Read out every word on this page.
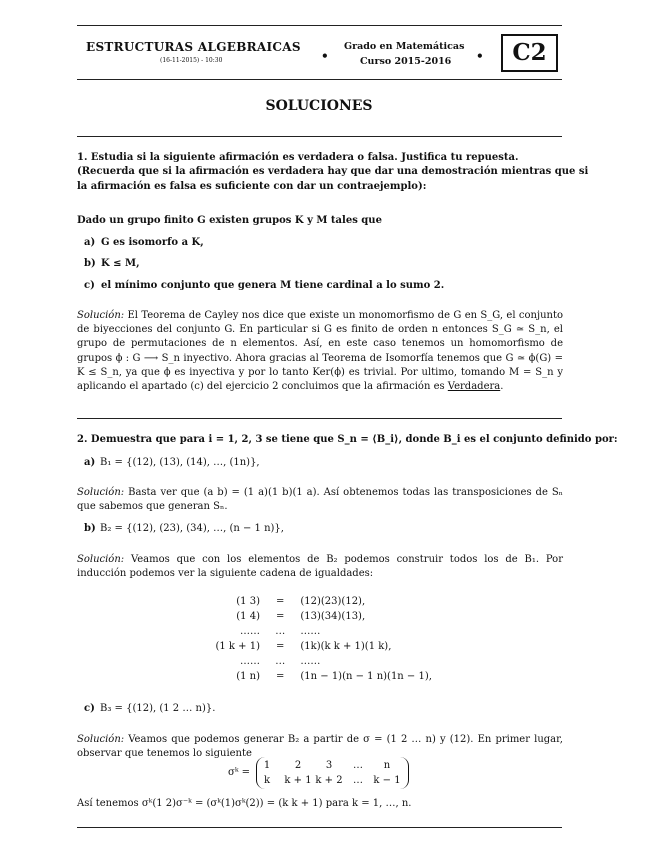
ESTRUCTURAS ALGEBRAICAS
(16-11-2015) - 10:30	•
Grado en Matemáticas
Curso 2015-2016 •	C2
SOLUCIONES
1. Estudia si la siguiente afirmación es verdadera o falsa. Justifica tu repuesta.
(Recuerda que si la afirmación es verdadera hay que dar una demostración mientras que si
la afirmación es falsa es suficiente con dar un contraejemplo):
Dado un grupo finito G existen grupos K y M tales que
a) G es isomorfo a K,
b) K ≤ M,
c) el mínimo conjunto que genera M tiene cardinal a lo sumo 2.
Solución: El Teorema de Cayley nos dice que existe un monomorfismo de G en S_G, el conjunto de biyecciones del conjunto G. En particular si G es finito de orden n entonces S_G ≃ S_n, el grupo de permutaciones de n elementos. Así, en este caso tenemos un homomorfismo de grupos ϕ : G ⟶ S_n inyectivo. Ahora gracias al Teorema de Isomorfía tenemos que G ≃ ϕ(G) = K ≤ S_n, ya que ϕ es inyectiva y por lo tanto Ker(ϕ) es trivial. Por ultimo, tomando M = S_n y aplicando el apartado (c) del ejercicio 2 concluimos que la afirmación es Verdadera.
2. Demuestra que para i = 1, 2, 3 se tiene que S_n = ⟨B_i⟩, donde B_i es el conjunto definido por:
a) B₁ = {(12), (13), (14), …, (1n)},
Solución: Basta ver que (a b) = (1 a)(1 b)(1 a). Así obtenemos todas las transposiciones de Sₙ que sabemos que generan Sₙ.
b) B₂ = {(12), (23), (34), …, (n − 1 n)},
Solución: Veamos que con los elementos de B₂ podemos construir todos los de B₁. Por inducción podemos ver la siguiente cadena de igualdades:
(1 3) = (12)(23)(12),
(1 4) = (13)(34)(13),
…… … ……
(1 k + 1) = (1k)(k k + 1)(1 k),
…… … ……
(1 n) = (1n − 1)(n − 1 n)(1n − 1),
c) B₃ = {(12), (1 2 … n)}.
Solución: Veamos que podemos generar B₂ a partir de σ = (1 2 … n) y (12). En primer lugar, observar que tenemos lo siguiente
σᵏ =
1	2	3	…	n
k	k + 1 k + 2	…	k − 1
Así tenemos σᵏ(1 2)σ⁻ᵏ = (σᵏ(1)σᵏ(2)) = (k k + 1) para k = 1, …, n.
